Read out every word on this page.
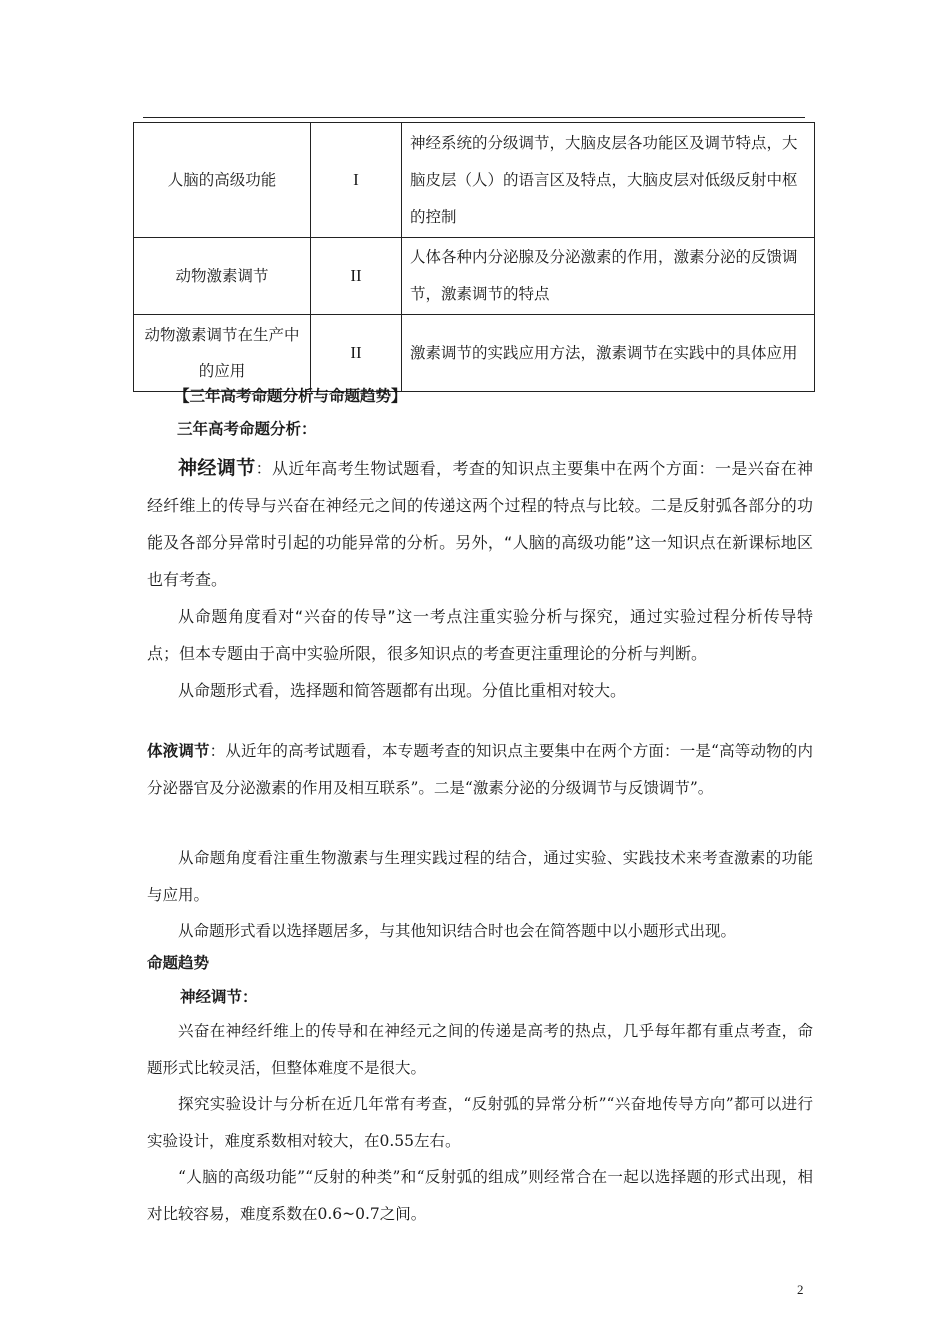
人脑的高级功能	I	神经系统的分级调节，大脑皮层各功能区及调节特点，大脑皮层（人）的语言区及特点，大脑皮层对低级反射中枢的控制
动物激素调节	II	人体各种内分泌腺及分泌激素的作用，激素分泌的反馈调节，激素调节的特点
动物激素调节在生产中的应用	II	激素调节的实践应用方法，激素调节在实践中的具体应用
【三年高考命题分析与命题趋势】
三年高考命题分析：
神经调节：从近年高考生物试题看，考查的知识点主要集中在两个方面：一是兴奋在神经纤维上的传导与兴奋在神经元之间的传递这两个过程的特点与比较。二是反射弧各部分的功能及各部分异常时引起的功能异常的分析。另外，“人脑的高级功能”这一知识点在新课标地区也有考查。
从命题角度看对“兴奋的传导”这一考点注重实验分析与探究，通过实验过程分析传导特点；但本专题由于高中实验所限，很多知识点的考查更注重理论的分析与判断。
从命题形式看，选择题和简答题都有出现。分值比重相对较大。
体液调节：从近年的高考试题看，本专题考查的知识点主要集中在两个方面：一是“高等动物的内分泌器官及分泌激素的作用及相互联系”。二是“激素分泌的分级调节与反馈调节”。
从命题角度看注重生物激素与生理实践过程的结合，通过实验、实践技术来考查激素的功能与应用。
从命题形式看以选择题居多，与其他知识结合时也会在简答题中以小题形式出现。
命题趋势
神经调节：
兴奋在神经纤维上的传导和在神经元之间的传递是高考的热点，几乎每年都有重点考查，命题形式比较灵活，但整体难度不是很大。
探究实验设计与分析在近几年常有考查，“反射弧的异常分析”“兴奋地传导方向”都可以进行实验设计，难度系数相对较大，在0.55左右。
“人脑的高级功能”“反射的种类”和“反射弧的组成”则经常合在一起以选择题的形式出现，相对比较容易，难度系数在0.6~0.7之间。
2
